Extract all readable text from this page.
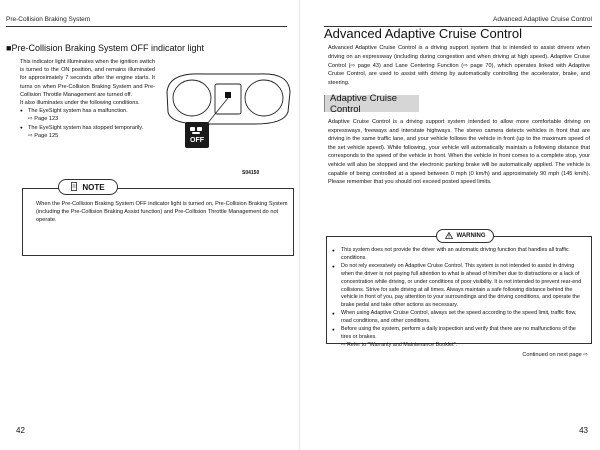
Pre-Collision Braking System
■Pre-Collision Braking System OFF indicator light

This indicator light illuminates when the ignition switch is turned to the ON position, and remains illuminated for approximately 7 seconds after the engine starts. It turns on when Pre-Collision Braking System and Pre-Collision Throttle Management are turned off.

It also illuminates under the following conditions.

● The EyeSight system has a malfunction.
⇨ Page 123
● The EyeSight system has stopped temporarily.
⇨ Page 125
OFF
S04150
NOTE
When the Pre-Collision Braking System OFF indicator light is turned on, Pre-Collision Braking System (including the Pre-Collision Braking Assist function) and Pre-Collision Throttle Management do not operate.
42
Advanced Adaptive Cruise Control
Advanced Adaptive Cruise Control

Advanced Adaptive Cruise Control is a driving support system that is intended to assist drivers when driving on an expressway (including during congestion and when driving at high speed). Adaptive Cruise Control (⇨ page 43) and Lane Centering Function (⇨ page 70), which operates linked with Adaptive Cruise Control, are used to assist with driving by automatically controlling the accelerator, brake, and steering.

Adaptive Cruise Control

Adaptive Cruise Control is a driving support system intended to allow more comfortable driving on expressways, freeways and interstate highways. The stereo camera detects vehicles in front that are driving in the same traffic lane, and your vehicle follows the vehicle in front (up to the maximum speed of the set vehicle speed). While following, your vehicle will automatically maintain a following distance that corresponds to the speed of the vehicle in front. When the vehicle in front comes to a complete stop, your vehicle will also be stopped and the electronic parking brake will be automatically applied. The vehicle is capable of being controlled at a speed between 0 mph (0 km/h) and approximately 90 mph (145 km/h). Please remember that you should not exceed posted speed limits.

WARNING
● This system does not provide the driver with an automatic driving function that handles all traffic conditions.
● Do not rely excessively on Adaptive Cruise Control. This system is not intended to assist in driving when the driver is not paying full attention to what is ahead of him/her due to distractions or a lack of concentration while driving, or under conditions of poor visibility. It is not intended to prevent rear-end collisions. Strive for safe driving at all times. Always maintain a safe following distance behind the vehicle in front of you, pay attention to your surroundings and the driving conditions, and operate the brake pedal and take other actions as necessary.
● When using Adaptive Cruise Control, always set the speed according to the speed limit, traffic flow, road conditions, and other conditions.
● Before using the system, perform a daily inspection and verify that there are no malfunctions of the tires or brakes.
⇨ Refer to "Warranty and Maintenance Booklet".
Continued on next page ⇨
43
